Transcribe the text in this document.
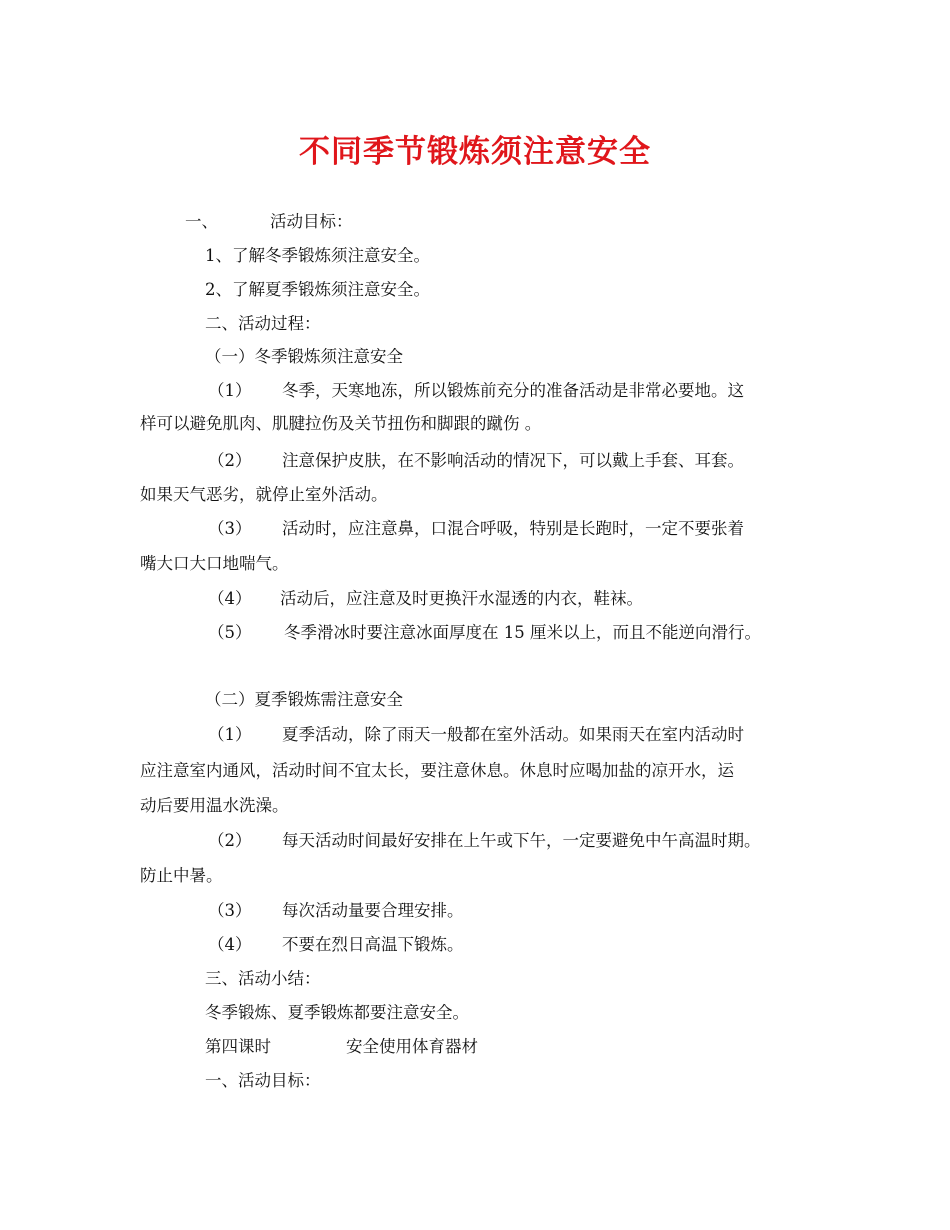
不同季节锻炼须注意安全
一、	活动目标：
1、了解冬季锻炼须注意安全。
2、了解夏季锻炼须注意安全。
二、活动过程：
（一）冬季锻炼须注意安全
（1） 冬季，天寒地冻，所以锻炼前充分的准备活动是非常必要地。这
样可以避免肌肉、肌腱拉伤及关节扭伤和脚跟的蹴伤 。
（2） 注意保护皮肤，在不影响活动的情况下，可以戴上手套、耳套。
如果天气恶劣，就停止室外活动。
（3） 活动时，应注意鼻，口混合呼吸，特别是长跑时，一定不要张着
嘴大口大口地喘气。
（4） 活动后，应注意及时更换汗水湿透的内衣，鞋袜。
（5） 冬季滑冰时要注意冰面厚度在 15 厘米以上，而且不能逆向滑行。
（二）夏季锻炼需注意安全
（1） 夏季活动，除了雨天一般都在室外活动。如果雨天在室内活动时
应注意室内通风，活动时间不宜太长，要注意休息。休息时应喝加盐的凉开水，运
动后要用温水洗澡。
（2） 每天活动时间最好安排在上午或下午，一定要避免中午高温时期。
防止中暑。
（3） 每次活动量要合理安排。
（4） 不要在烈日高温下锻炼。
三、活动小结：
冬季锻炼、夏季锻炼都要注意安全。
第四课时	安全使用体育器材
一、活动目标：
